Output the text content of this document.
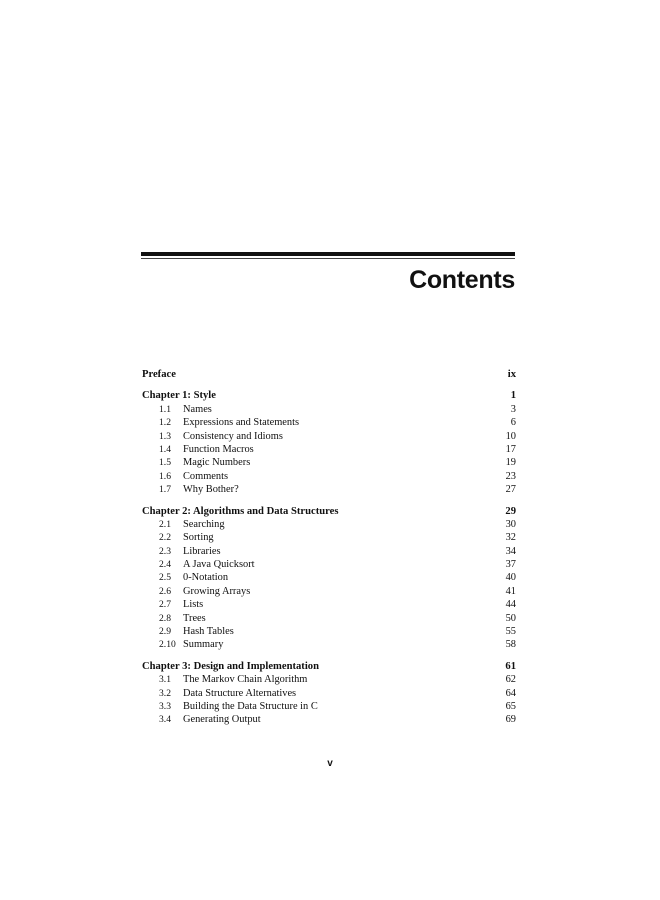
Contents
Preface	ix
Chapter 1: Style	1
1.1 Names	3
1.2 Expressions and Statements	6
1.3 Consistency and Idioms	10
1.4 Function Macros	17
1.5 Magic Numbers	19
1.6 Comments	23
1.7 Why Bother?	27
Chapter 2: Algorithms and Data Structures	29
2.1 Searching	30
2.2 Sorting	32
2.3 Libraries	34
2.4 A Java Quicksort	37
2.5 0-Notation	40
2.6 Growing Arrays	41
2.7 Lists	44
2.8 Trees	50
2.9 Hash Tables	55
2.10 Summary	58
Chapter 3: Design and Implementation	61
3.1 The Markov Chain Algorithm	62
3.2 Data Structure Alternatives	64
3.3 Building the Data Structure in C	65
3.4 Generating Output	69
v
